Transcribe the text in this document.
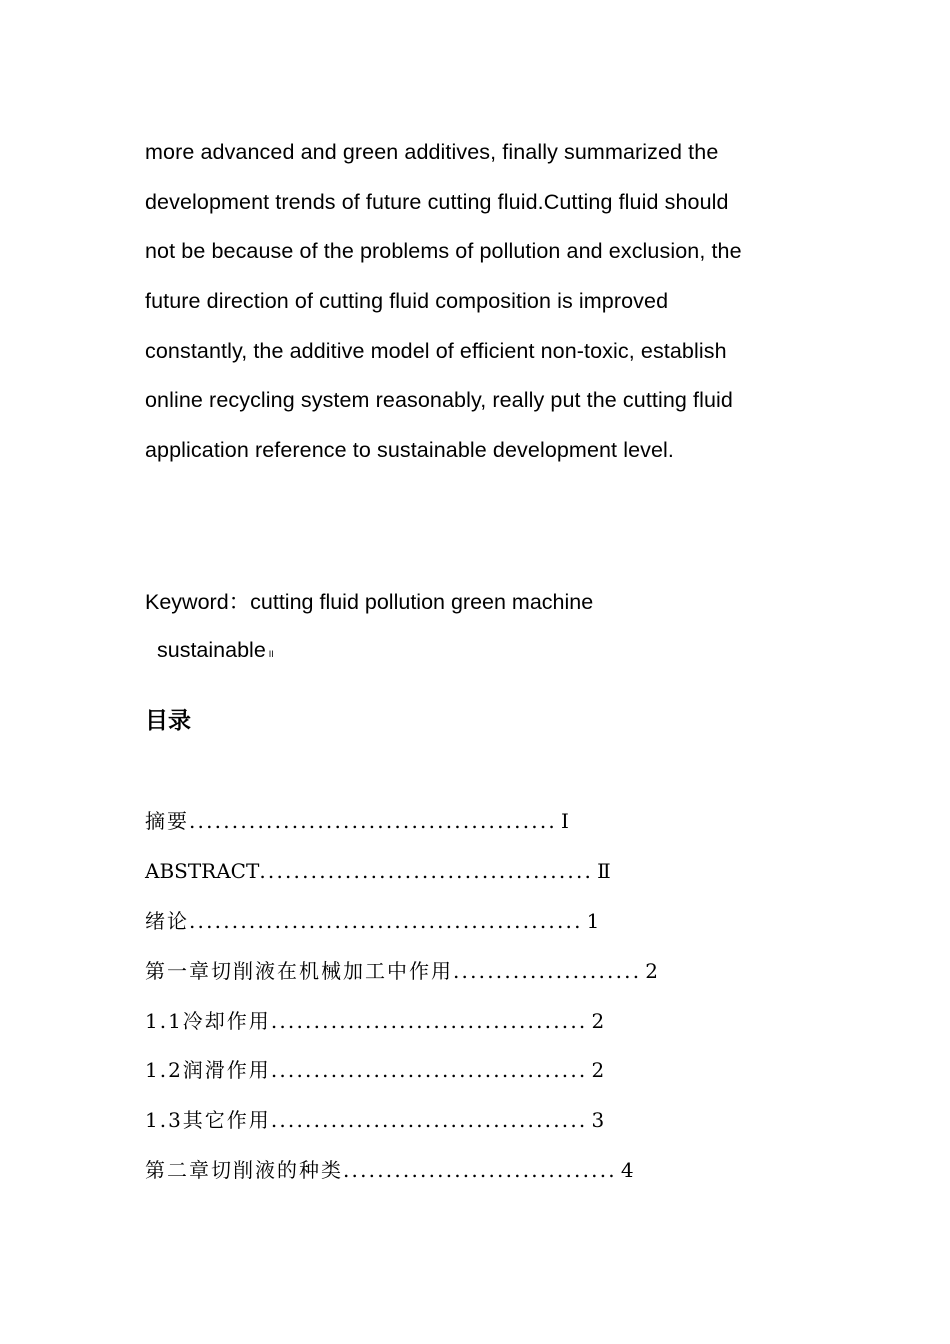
more advanced and green additives, finally summarized the
development trends of future cutting fluid.Cutting fluid should
not be because of the problems of pollution and exclusion, the
future direction of cutting fluid composition is improved
constantly, the additive model of efficient non-toxic, establish
online recycling system reasonably, really put the cutting fluid
application reference to sustainable development level.

Keyword：cutting fluid pollution green machine
sustainable II
目录
摘要........................................... Ⅰ
ABSTRACT....................................... Ⅱ
绪论.............................................. 1
第一章切削液在机械加工中作用...................... 2
1.1冷却作用..................................... 2
1.2润滑作用..................................... 2
1.3其它作用..................................... 3
第二章切削液的种类................................ 4
